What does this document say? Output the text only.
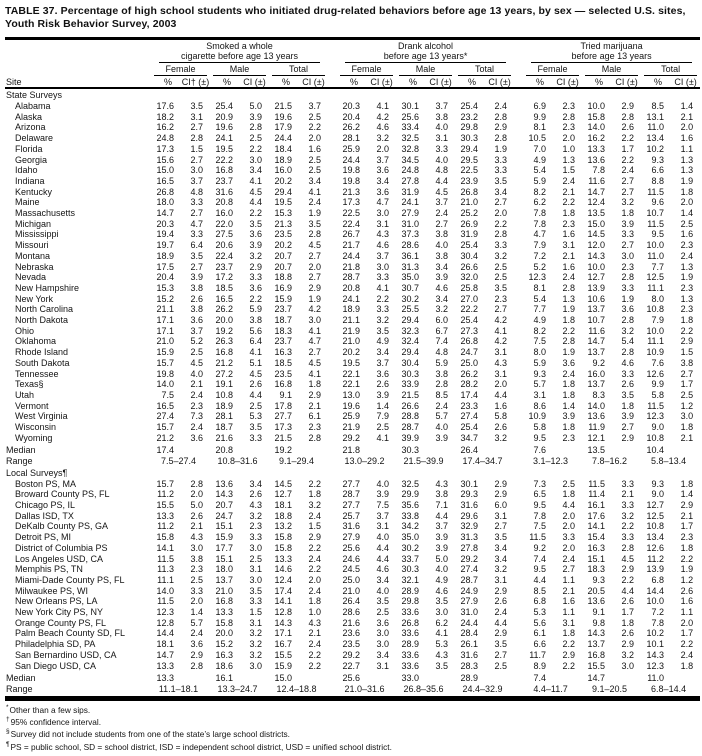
TABLE 37. Percentage of high school students who initiated drug-related behaviors before age 13 years, by sex — selected U.S. sites, Youth Risk Behavior Survey, 2003

	Smoked a whole
cigarette before age 13 years							Drank alcohol
before age 13 years*							Tried marijuana
before age 13 years					

	Female		Male		Total			Female		Male		Total			Female		Male		Total	

Site	%	CI† (±)	%	CI (±)	%	CI (±)		%	CI (±)	%	CI (±)	%	CI (±)		%	CI (±)	%	CI (±)	%	CI (±)
State Surveys																				
Alabama	17.6	3.5	25.4	5.0	21.5	3.7		20.3	4.1	30.1	3.7	25.4	2.4		6.9	2.3	10.0	2.9	8.5	1.4
Alaska	18.2	3.1	20.9	3.9	19.6	2.5		20.4	4.2	25.6	3.8	23.2	2.8		9.9	2.8	15.8	2.8	13.1	2.1
Arizona	16.2	2.7	19.6	2.8	17.9	2.2		26.2	4.6	33.4	4.0	29.8	2.9		8.1	2.3	14.0	2.6	11.0	2.0
Delaware	24.8	2.8	24.1	2.5	24.4	2.0		28.1	3.2	32.5	3.1	30.3	2.8		10.5	2.0	16.2	2.2	13.4	1.6
Florida	17.3	1.5	19.5	2.2	18.4	1.6		25.9	2.0	32.8	3.3	29.4	1.9		7.0	1.0	13.3	1.7	10.2	1.1
Georgia	15.6	2.7	22.2	3.0	18.9	2.5		24.4	3.7	34.5	4.0	29.5	3.3		4.9	1.3	13.6	2.2	9.3	1.3
Idaho	15.0	3.0	16.8	3.4	16.0	2.5		19.8	3.6	24.8	4.8	22.5	3.3		5.4	1.5	7.8	2.4	6.6	1.3
Indiana	16.5	3.7	23.7	4.1	20.2	3.4		19.8	3.4	27.8	4.4	23.9	3.5		5.9	2.4	11.6	2.7	8.8	1.9
Kentucky	26.8	4.8	31.6	4.5	29.4	4.1		21.3	3.6	31.9	4.5	26.8	3.4		8.2	2.1	14.7	2.7	11.5	1.8
Maine	18.0	3.3	20.8	4.4	19.5	2.4		17.3	4.7	24.1	3.7	21.0	2.7		6.2	2.2	12.4	3.2	9.6	2.0
Massachusetts	14.7	2.7	16.0	2.2	15.3	1.9		22.5	3.0	27.9	2.4	25.2	2.0		7.8	1.8	13.5	1.8	10.7	1.4
Michigan	20.3	4.7	22.0	3.5	21.3	3.5		22.4	3.1	31.0	2.7	26.9	2.2		7.8	2.3	15.0	3.9	11.5	2.5
Mississippi	19.4	3.3	27.5	3.6	23.5	2.8		26.7	4.3	37.3	3.8	31.9	2.8		4.7	1.6	14.5	3.3	9.5	1.6
Missouri	19.7	6.4	20.6	3.9	20.2	4.5		21.7	4.6	28.6	4.0	25.4	3.3		7.9	3.1	12.0	2.7	10.0	2.3
Montana	18.9	3.5	22.4	3.2	20.7	2.7		24.4	3.7	36.1	3.8	30.4	3.2		7.2	2.1	14.3	3.0	11.0	2.4
Nebraska	17.5	2.7	23.7	2.9	20.7	2.0		21.8	3.0	31.3	3.4	26.6	2.5		5.2	1.6	10.0	2.3	7.7	1.3
Nevada	20.4	3.9	17.2	3.3	18.8	2.7		28.7	3.3	35.0	3.9	32.0	2.5		12.3	2.4	12.7	2.8	12.5	1.9
New Hampshire	15.3	3.8	18.5	3.6	16.9	2.9		20.8	4.1	30.7	4.6	25.8	3.5		8.1	2.8	13.9	3.3	11.1	2.3
New York	15.2	2.6	16.5	2.2	15.9	1.9		24.1	2.2	30.2	3.4	27.0	2.3		5.4	1.3	10.6	1.9	8.0	1.3
North Carolina	21.1	3.8	26.2	5.9	23.7	4.2		18.9	3.3	25.5	3.2	22.2	2.7		7.7	1.9	13.7	3.6	10.8	2.3
North Dakota	17.1	3.6	20.0	3.8	18.7	3.0		21.1	3.2	29.4	6.0	25.4	4.2		4.9	1.8	10.7	2.8	7.9	1.8
Ohio	17.1	3.7	19.2	5.6	18.3	4.1		21.9	3.5	32.3	6.7	27.3	4.1		8.2	2.2	11.6	3.2	10.0	2.2
Oklahoma	21.0	5.2	26.3	6.4	23.7	4.7		21.0	4.9	32.4	7.4	26.8	4.2		7.5	2.8	14.7	5.4	11.1	2.9
Rhode Island	15.9	2.5	16.8	4.1	16.3	2.7		20.2	3.4	29.4	4.8	24.7	3.1		8.0	1.9	13.7	2.8	10.9	1.5
South Dakota	15.7	4.5	21.2	5.1	18.5	4.5		19.5	3.7	30.4	5.9	25.0	4.3		5.9	3.6	9.2	4.6	7.6	3.8
Tennessee	19.8	4.0	27.2	4.5	23.5	4.1		22.1	3.6	30.3	3.8	26.2	3.1		9.3	2.4	16.0	3.3	12.6	2.7
Texas§	14.0	2.1	19.1	2.6	16.8	1.8		22.1	2.6	33.9	2.8	28.2	2.0		5.7	1.8	13.7	2.6	9.9	1.7
Utah	7.5	2.4	10.8	4.4	9.1	2.9		13.0	3.9	21.5	8.5	17.4	4.4		3.1	1.8	8.3	3.5	5.8	2.5
Vermont	16.5	2.3	18.9	2.5	17.8	2.1		19.6	1.4	26.6	2.4	23.3	1.6		8.6	1.4	14.0	1.8	11.5	1.2
West Virginia	27.4	7.3	28.1	5.3	27.7	6.1		25.9	7.9	28.8	5.7	27.4	5.8		10.9	3.9	13.6	3.9	12.3	3.0
Wisconsin	15.7	2.4	18.7	3.5	17.3	2.3		21.9	2.5	28.7	4.0	25.4	2.6		5.8	1.8	11.9	2.7	9.0	1.8
Wyoming	21.2	3.6	21.6	3.3	21.5	2.8		29.2	4.1	39.9	3.9	34.7	3.2		9.5	2.3	12.1	2.9	10.8	2.1
Median	17.4		20.8		19.2			21.8		30.3		26.4			7.6		13.5		10.4	
Range	7.5–27.4		10.8–31.6		9.1–29.4			13.0–29.2		21.5–39.9		17.4–34.7			3.1–12.3		7.8–16.2		5.8–13.4	
Local Surveys¶																				
Boston PS, MA	15.7	2.8	13.6	3.4	14.5	2.2		27.7	4.0	32.5	4.3	30.1	2.9		7.3	2.5	11.5	3.3	9.3	1.8
Broward County PS, FL	11.2	2.0	14.3	2.6	12.7	1.8		28.7	3.9	29.9	3.8	29.3	2.9		6.5	1.8	11.4	2.1	9.0	1.4
Chicago PS, IL	15.5	5.0	20.7	4.3	18.1	3.2		27.7	7.5	35.6	7.1	31.6	6.0		9.5	4.4	16.1	3.3	12.7	2.9
Dallas ISD, TX	13.3	2.6	24.7	3.2	18.8	2.4		25.7	3.7	33.8	4.4	29.6	3.1		7.8	2.0	17.6	3.2	12.5	2.1
DeKalb County PS, GA	11.2	2.1	15.1	2.3	13.2	1.5		31.6	3.1	34.2	3.7	32.9	2.7		7.5	2.0	14.1	2.2	10.8	1.7
Detroit PS, MI	15.8	4.3	15.9	3.3	15.8	2.9		27.9	4.0	35.0	3.9	31.3	3.5		11.5	3.3	15.4	3.3	13.4	2.3
District of Columbia PS	14.1	3.0	17.7	3.0	15.8	2.2		25.6	4.4	30.2	3.9	27.8	3.4		9.2	2.0	16.3	2.8	12.6	1.8
Los Angeles USD, CA	11.5	3.8	15.1	2.5	13.3	2.4		24.6	4.4	33.7	5.0	29.2	3.4		7.4	2.4	15.1	4.5	11.2	2.2
Memphis PS, TN	11.3	2.3	18.0	3.1	14.6	2.2		24.5	4.6	30.3	4.0	27.4	3.2		9.5	2.7	18.3	2.9	13.9	1.9
Miami-Dade County PS, FL	11.1	2.5	13.7	3.0	12.4	2.0		25.0	3.4	32.1	4.9	28.7	3.1		4.4	1.1	9.3	2.2	6.8	1.2
Milwaukee PS, WI	14.0	3.3	21.0	3.5	17.4	2.4		21.0	4.0	28.9	4.6	24.9	2.9		8.5	2.1	20.5	4.4	14.4	2.6
New Orleans PS, LA	11.5	2.0	16.8	3.3	14.1	1.8		26.4	3.5	29.8	3.5	27.9	2.6		6.8	1.6	13.6	2.6	10.0	1.6
New York City PS, NY	12.3	1.4	13.3	1.5	12.8	1.0		28.6	2.5	33.6	3.0	31.0	2.4		5.3	1.1	9.1	1.7	7.2	1.1
Orange County PS, FL	12.8	5.7	15.8	3.1	14.3	4.3		21.6	3.6	26.8	6.2	24.4	4.4		5.6	3.1	9.8	1.8	7.8	2.0
Palm Beach County SD, FL	14.4	2.4	20.0	3.2	17.1	2.1		23.6	3.0	33.6	4.1	28.4	2.9		6.1	1.8	14.3	2.6	10.2	1.7
Philadelphia SD, PA	18.1	3.6	15.2	3.2	16.7	2.4		23.5	3.0	28.9	5.3	26.1	3.5		6.6	2.2	13.7	2.9	10.1	2.2
San Bernardino USD, CA	14.7	2.9	16.3	3.2	15.5	2.2		29.2	3.4	33.6	4.3	31.6	2.7		11.7	2.9	16.8	3.2	14.3	2.4
San Diego USD, CA	13.3	2.8	18.6	3.0	15.9	2.2		22.7	3.1	33.6	3.5	28.3	2.5		8.9	2.2	15.5	3.0	12.3	1.8
Median	13.3		16.1		15.0			25.6		33.0		28.9			7.4		14.7		11.0	
Range	11.1–18.1		13.3–24.7		12.4–18.8			21.0–31.6		26.8–35.6		24.4–32.9			4.4–11.7		9.1–20.5		6.8–14.4	
*Other than a few sips.
†95% confidence interval.
§Survey did not include students from one of the state’s large school districts.
¶PS = public school, SD = school district, ISD = independent school district, USD = unified school district.
